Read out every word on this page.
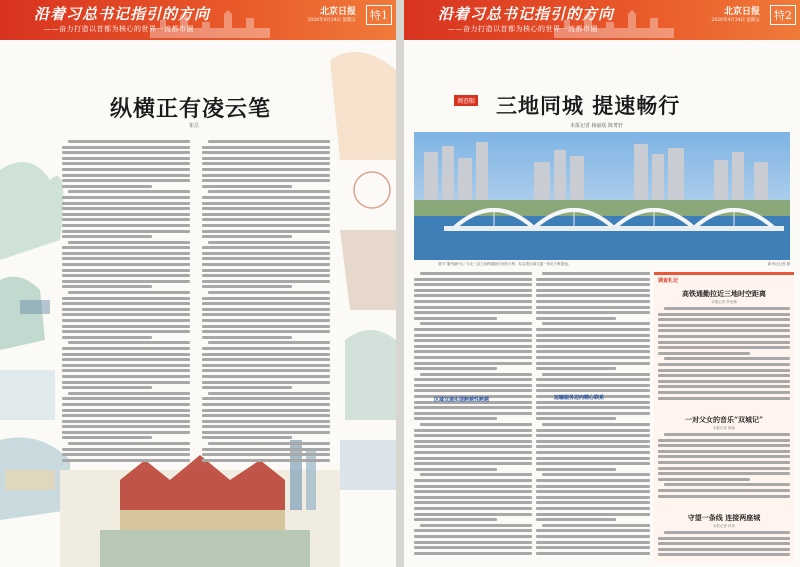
沿着习总书记指引的方向
——奋力打造以首都为核心的世界一流都市圈
北京日报
2026年4月24日 星期五	特1
纵横正有凌云笔
崔岳
沿着习总书记指引的方向
——奋力打造以首都为核心的世界一流都市圈
北京日报
2026年4月24日 星期五	特2
调查眼 三地同城 提速畅行
本报记者 杨丽瑶 陈菁轩
图为“通州副中心”与北三县之间跨越潮白河的大桥，标志着区域交通一体化不断提速。	新华社记者 摄
区域交通实现跨越性跨越	运输服务迈向精心联系
调查札记
高铁通勤拉近三地时空距离
本报记者 李亚楠
一对父女的音乐“双城记”
本报记者 杨丽
守望一条线 连接两座城
本报记者 孙伟
